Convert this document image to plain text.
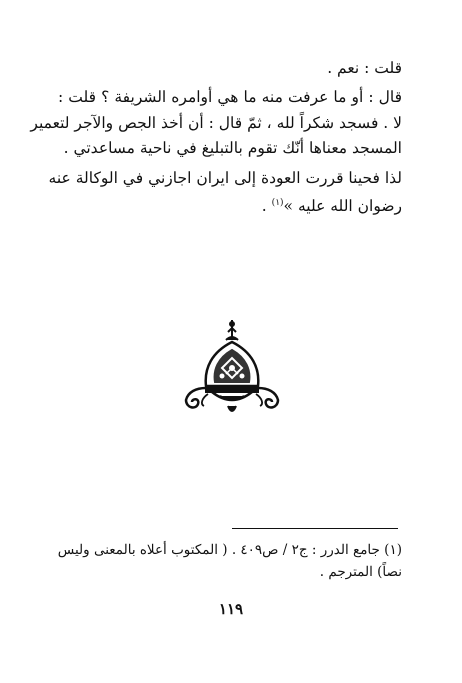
قلت : نعم .
قال : أو ما عرفت منه ما هي أوامره الشريفة ؟ قلت :
لا . فسجد شكراً لله ، ثمّ قال : أن أخذ الجص والآجر لتعمير
المسجد معناها أنّك تقوم بالتبليغ في ناحية مساعدتي .
لذا فحينا قررت العودة إلى ايران اجازني في الوكالة عنه
رضوان الله عليه »$^{(١)}$ .
(١) جامع الدرر : ج٢ / ص٤٠٩ . ( المكتوب أعلاه بالمعنى وليس
نصاً) المترجم .
١١٩
